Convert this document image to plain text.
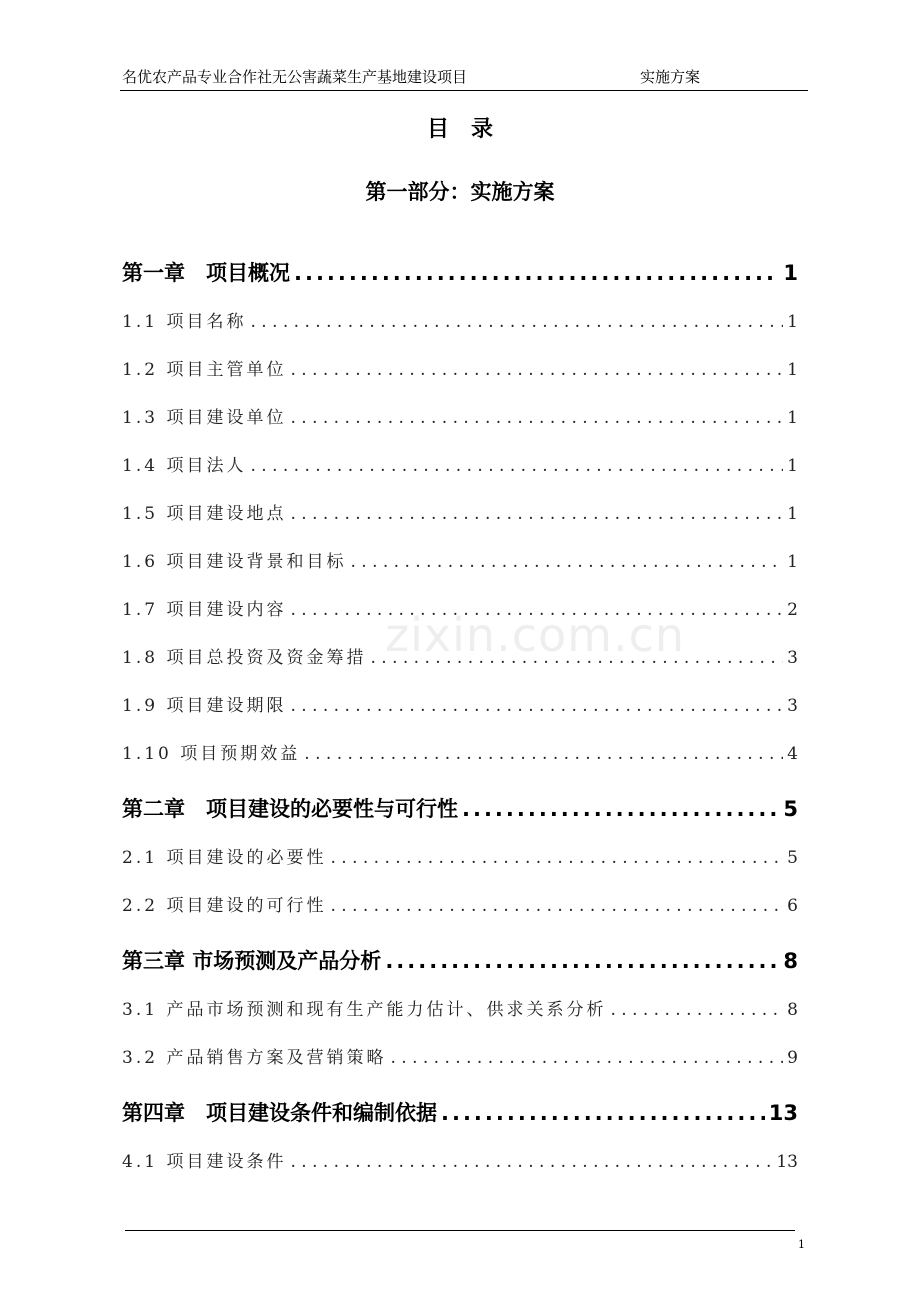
名优农产品专业合作社无公害蔬菜生产基地建设项目	实施方案
目录
第一部分：实施方案
第一章　项目概况 .....	1
1.1 项目名称 . . .	1
1.2 项目主管单位 . . .	1
1.3 项目建设单位 . . .	1
1.4 项目法人 . . .	1
1.5 项目建设地点 . . .	1
1.6 项目建设背景和目标 . . .	1
1.7 项目建设内容 . . .	2
1.8 项目总投资及资金筹措 . . .	3
1.9 项目建设期限 . . .	3
1.10 项目预期效益 . . .	4
第二章　项目建设的必要性与可行性 .....	5
2.1 项目建设的必要性 . . .	5
2.2 项目建设的可行性 . . .	6
第三章 市场预测及产品分析 .....	8
3.1 产品市场预测和现有生产能力估计、供求关系分析 . . .	8
3.2 产品销售方案及营销策略 . . .	9
第四章　项目建设条件和编制依据 .....	13
4.1 项目建设条件 . . .	13
zixin.com.cn
1
